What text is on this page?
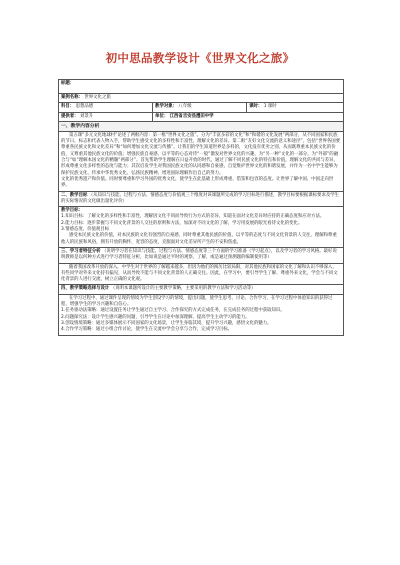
初中思品教学设计《世界文化之旅》
标题：		
案例名称： 世界文化之旅		
科目： 思想品德	教学对象： 八年级	课时： 1 课时
提供者： 刘景升	单位： 江西省吉安县澧田中学	
一、教学内容分析		

第五课“多元文化地球村”论述了两框内容：第一框“世界文化之旅”。分为“丰富多彩的文化”和“和谐的文化发展”两部分，从不同国家和民族的节日、标志和代表人物入手，帮助学生感受文化的多样性和丰富性，理解文化的差异。第二框“友好文化交流的意义和途径”，包括“世界各国要尊重各民族文化和文化差异”和“如何增加文化交流与传播”。让我们的学生知道世界是多样的，文化没有优劣之别，从而既尊重本民族文化的价值，又尊重其他民族文化的价值；增强民族自豪感，以平等的心态对待“一般”激发对世界文化的兴趣，为“另一种”文化的一部分。为“外部”的融合与“如”理解本国文化的精髓“两部分”。首先帮助学生理解在日益开放的时代，通过了解不同民族文化的特点和价值，理解文化的共同与差异，形成尊重文化多样性的态度与能力；其次启发学生对我国民族文化的认同感和自豪感，自觉维护世界文化的和谐发展，并作为一名中学生能够为保护民族文化、传承中华优秀文化、弘扬民族精神、增进国际理解作出自己的努力。

文化的优秀遗产和价值。同时要尊重和学习外国的优秀文化，使学生在此基础上形成尊重、借鉴和包容的态度。让世界了解中国、中国走向世界。		

二、教学目标 （从知识与技能、过程与方法、情感态度与价值观三个维度对该课题所完成的学习目标进行描述，教学目标要根据课标要求及学生的实际情况的文化做出量化评价）		

教学目标：

1.知识目标：了解文化的多样性和丰富性，理解因文化不同而导致行为方式的差异，知道在面对文化差异时应持的正确态度和应对方法。

2.能力目标：逐步掌握与不同文化背景的人交往的原则和方法，加深对不同文化的了解，学习用发展的眼光看待文化的变化。

3.情感态度、价值观目标

感受本民族文化的价值，对本民族的文化有强烈的自豪感，同时尊重其他民族的价值，以平等的态度与不同文化背景的人交往，理解和尊重他人的民族和风俗，拥有开放的胸怀，宽容的态度，克服面对文化差异所产生的不安和焦虑。		

三、学习者特征分析 （说明学习者在知识与技能、过程与方法、情感态度等三个方面的学习准备（学习起点），以及学习者的学习风格。最好说明教师是以何种方式进行学习者特征分析，比如说是通过平时的观察、了解，或是通过预测题的编制使用等）		

随着我国改革开放的深入，中学生对于世界的了解越来越多，但因为他们的阅历比较局限，对其他民族和国家的文化了解和认识不够深入，有些同学对外来文化持有偏见，从而导致不能与不同文化背景的人正确交往。因此，在学习中，要引导学生了解、尊重外来文化，学会与不同文化背景的人进行交流，树立正确的文化观。		

四、教学策略选择与设计 （说明本课题所设计的主要教学策略，主要采用的教学方法和学习活动等）		

在学习过程中，通过课件呈现的情境为学生创设学习的情境，提出问题，使学生思考、讨论、合作学习，在学习过程中体验知识的获得过程，增强学生的学习兴趣和自信心。

1.任务驱动法策略：通过设置任务让学生通过自主学习、合作探究的方式完成任务，在完成任务的过程中获取知识。

2.问题探究法：设计学生感兴趣的问题，引导学生在讨论中加深理解，提高学生主动学习的能力。

3.创设情境策略：通过多媒体展示不同国家的文化场景，让学生身临其境，提升学习兴趣，感悟文化的魅力。

4.合作学习策略：通过小组合作讨论，使学生在交流中学会分享与合作，完成学习目标。		
